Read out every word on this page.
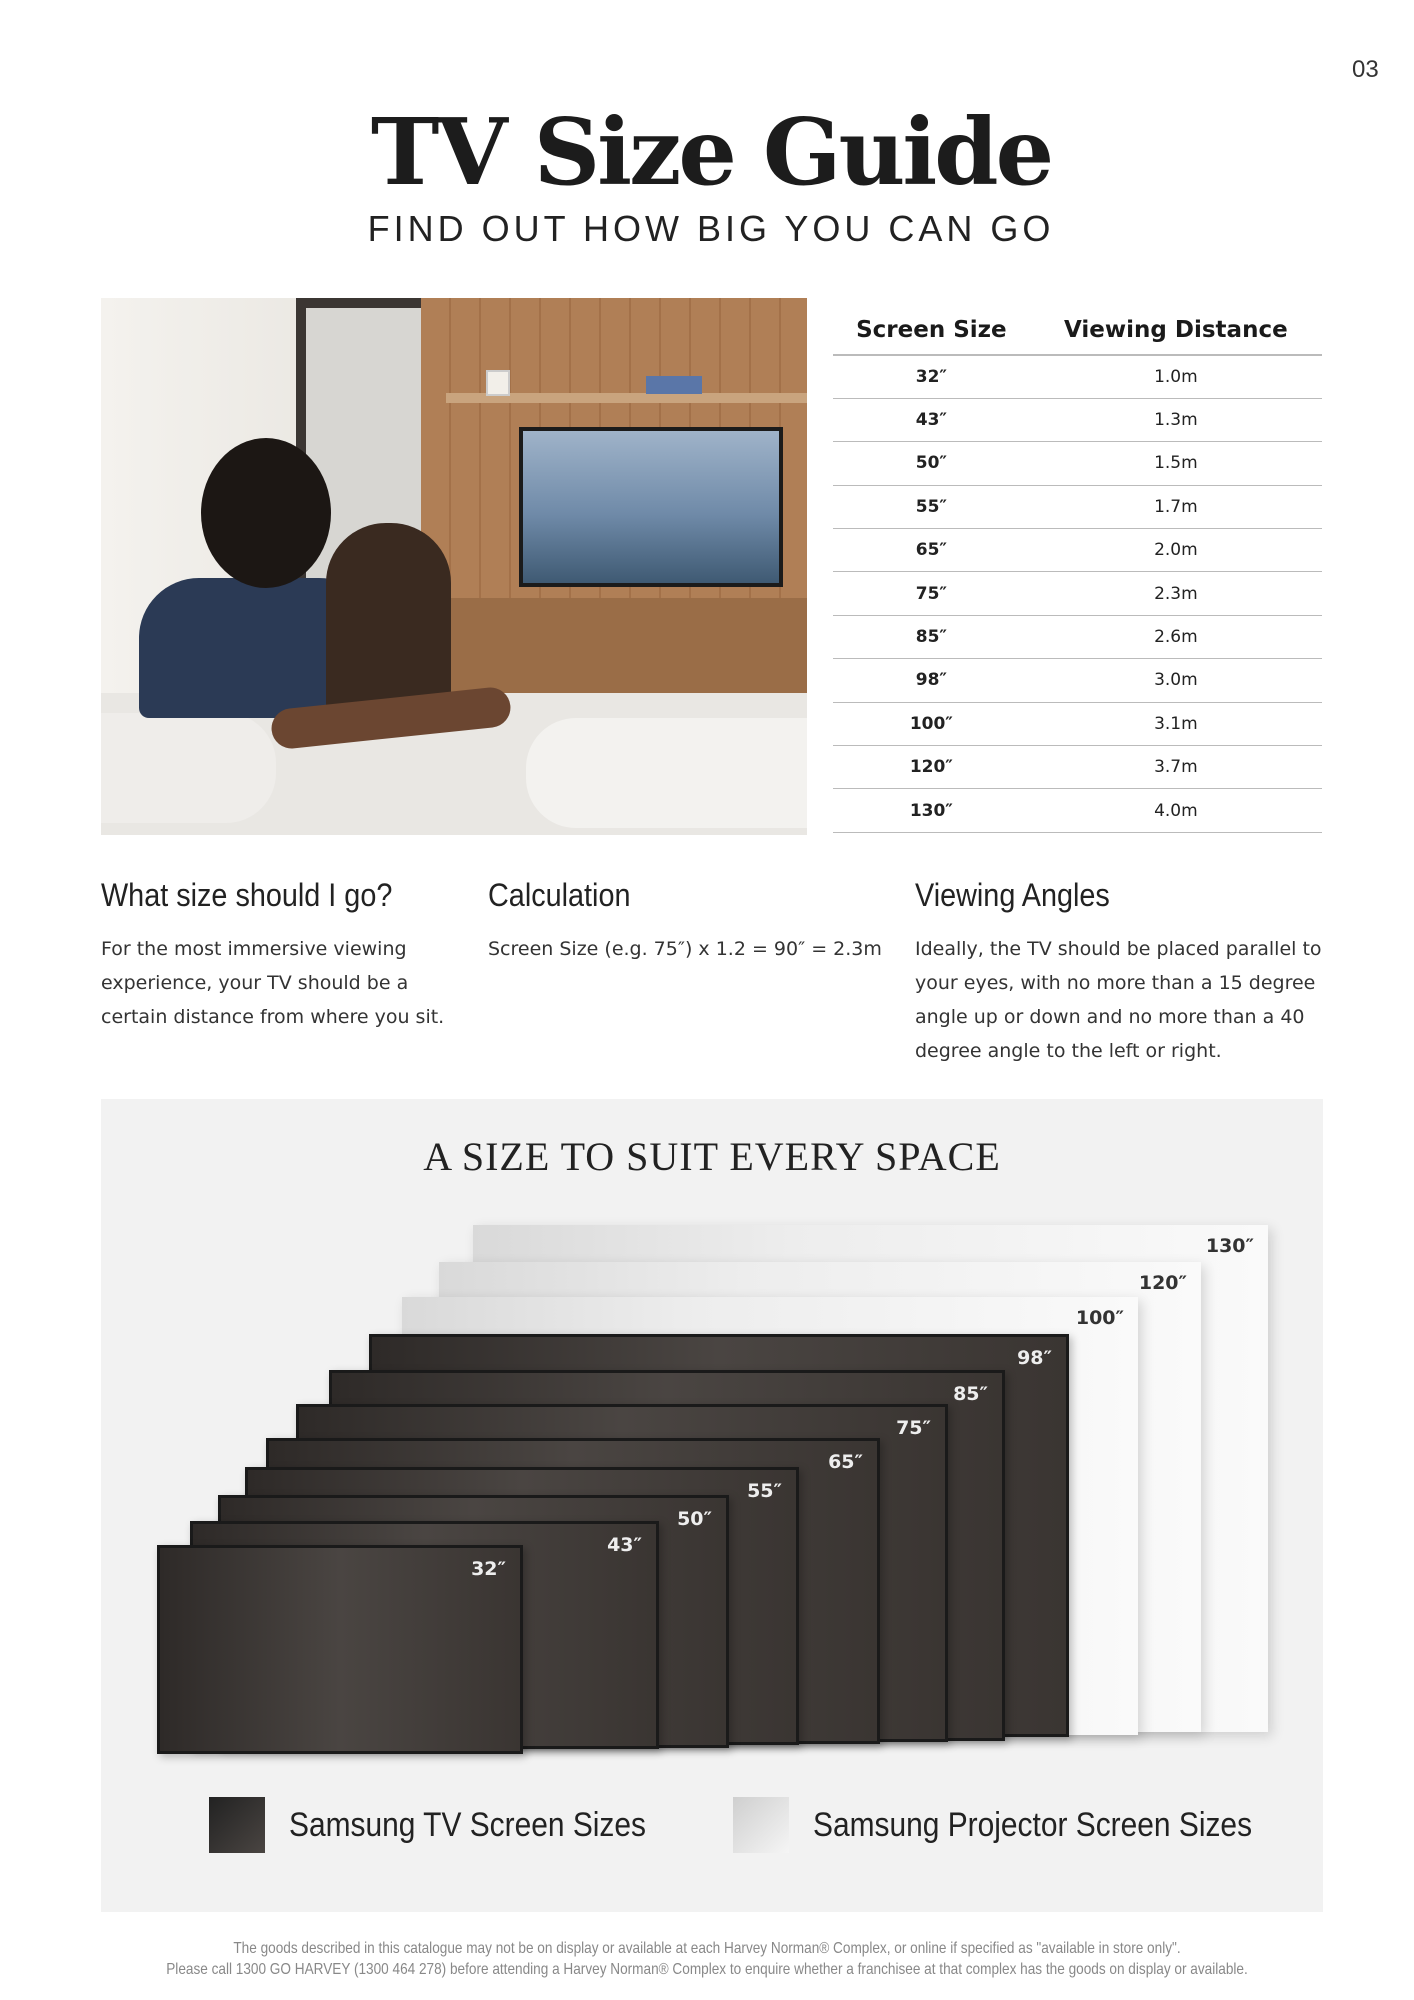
03
TV Size Guide
FIND OUT HOW BIG YOU CAN GO
Screen Size	Viewing Distance
32″	1.0m
43″	1.3m
50″	1.5m
55″	1.7m
65″	2.0m
75″	2.3m
85″	2.6m
98″	3.0m
100″	3.1m
120″	3.7m
130″	4.0m
What size should I go?

For the most immersive viewing experience, your TV should be a certain distance from where you sit.

Calculation

Screen Size (e.g. 75″) x 1.2 = 90″ = 2.3m

Viewing Angles

Ideally, the TV should be placed parallel to your eyes, with no more than a 15 degree angle up or down and no more than a 40 degree angle to the left or right.

A SIZE TO SUIT EVERY SPACE
130″
120″
100″
98″
85″
75″
65″
55″
50″
43″
32″
Samsung TV Screen Sizes	Samsung Projector Screen Sizes
The goods described in this catalogue may not be on display or available at each Harvey Norman® Complex, or online if specified as "available in store only".
Please call 1300 GO HARVEY (1300 464 278) before attending a Harvey Norman® Complex to enquire whether a franchisee at that complex has the goods on display or available.
